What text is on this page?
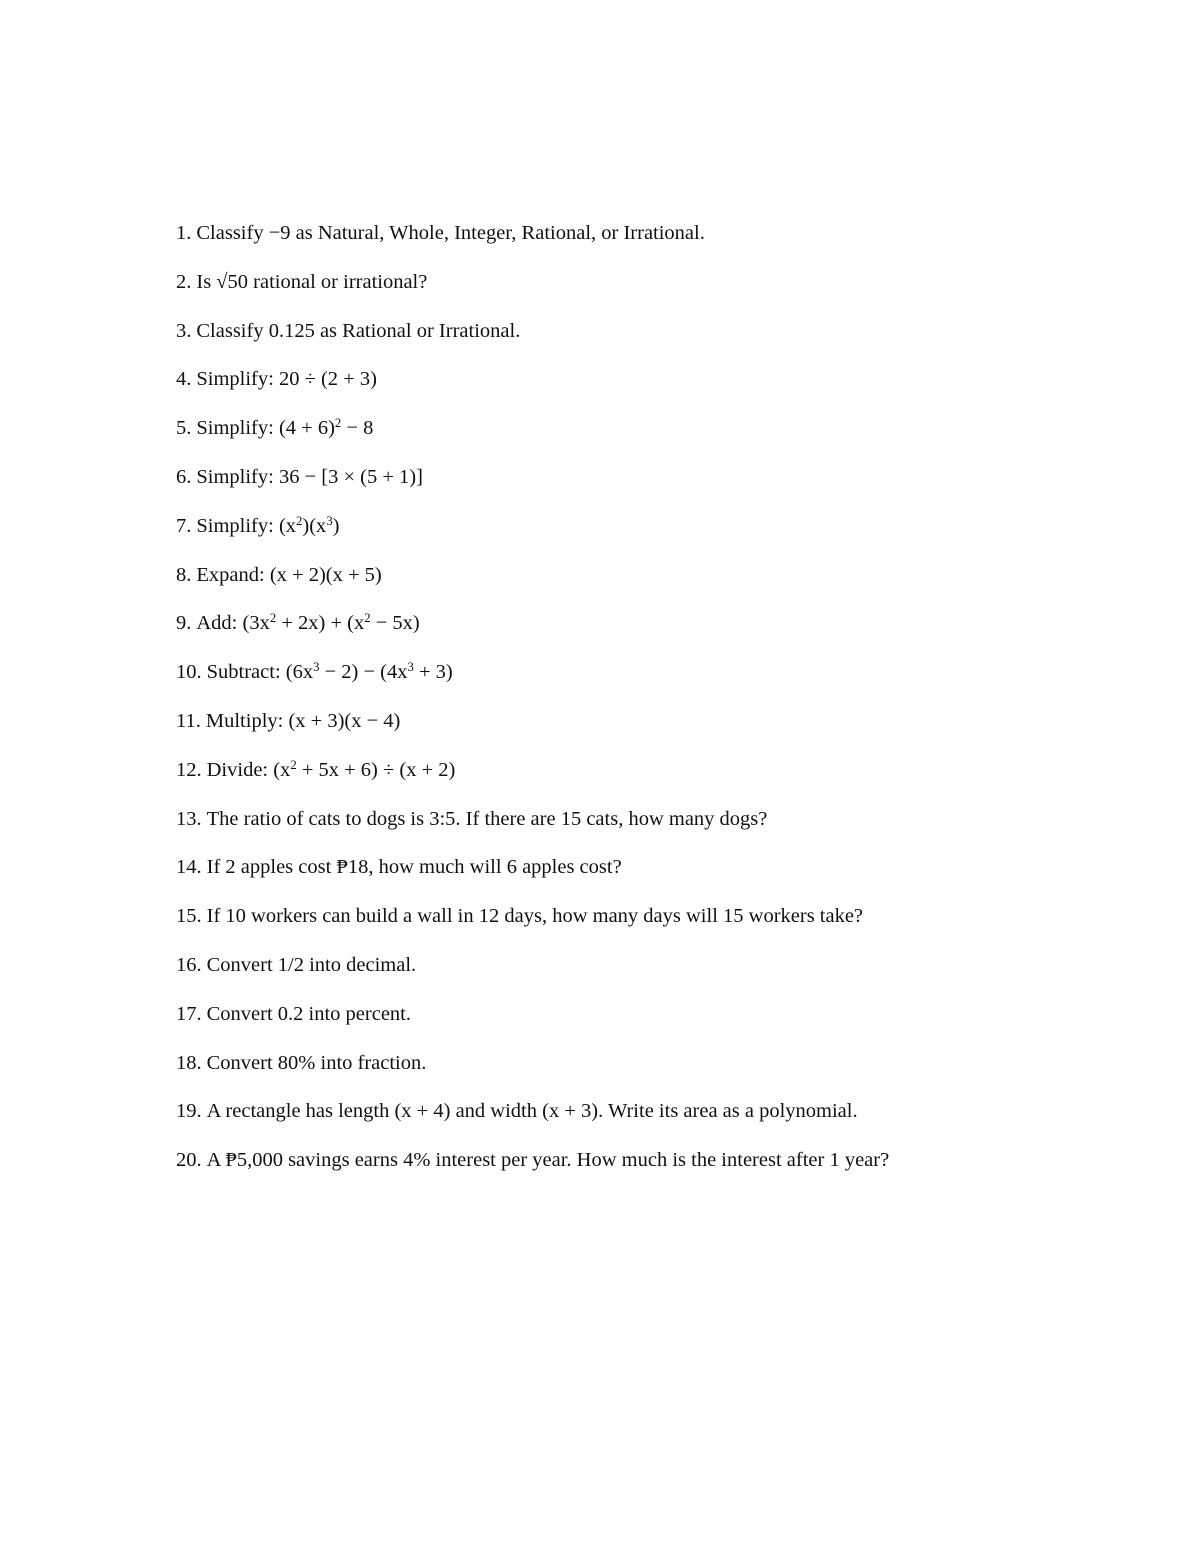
1. Classify −9 as Natural, Whole, Integer, Rational, or Irrational.
2. Is √50 rational or irrational?
3. Classify 0.125 as Rational or Irrational.
4. Simplify: 20 ÷ (2 + 3)
5. Simplify: $(4 + 6)^2 - 8$
6. Simplify: 36 − [3 × (5 + 1)]
7. Simplify: $(x^2)(x^3)$
8. Expand: (x + 2)(x + 5)
9. Add: $(3x^2 + 2x) + (x^2 - 5x)$
10. Subtract: $(6x^3 - 2) - (4x^3 + 3)$
11. Multiply: (x + 3)(x − 4)
12. Divide: $(x^2 + 5x + 6) \div (x + 2)$
13. The ratio of cats to dogs is 3:5. If there are 15 cats, how many dogs?
14. If 2 apples cost ₱18, how much will 6 apples cost?
15. If 10 workers can build a wall in 12 days, how many days will 15 workers take?
16. Convert 1/2 into decimal.
17. Convert 0.2 into percent.
18. Convert 80% into fraction.
19. A rectangle has length (x + 4) and width (x + 3). Write its area as a polynomial.
20. A ₱5,000 savings earns 4% interest per year. How much is the interest after 1 year?
